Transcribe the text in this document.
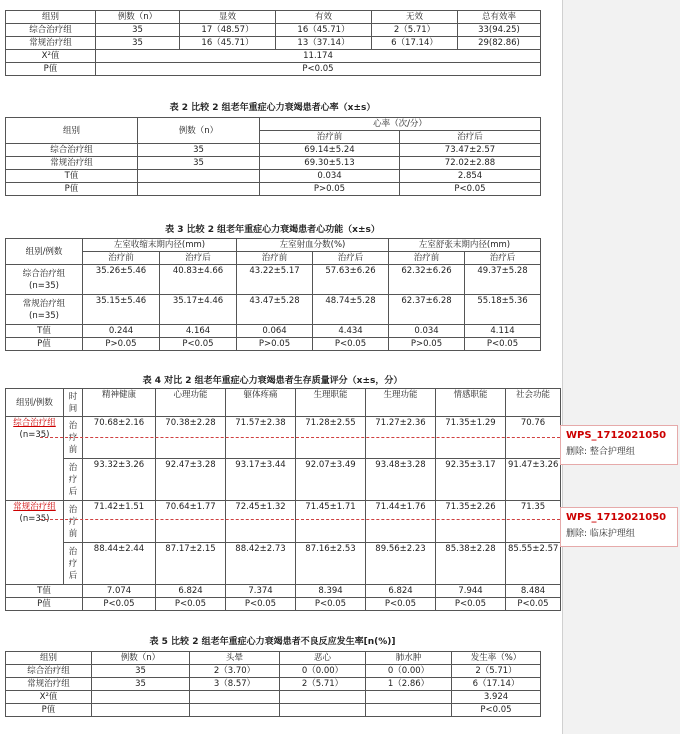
组别	例数（n）	显效	有效	无效	总有效率
综合治疗组	35	17（48.57）	16（45.71）	2（5.71）	33(94.25)
常规治疗组	35	16（45.71）	13（37.14）	6（17.14）	29(82.86)
X²值	11.174				
P值	P<0.05				
表 2 比较 2 组老年重症心力衰竭患者心率（x±s）
组别	例数（n）	心率（次/分）	
		治疗前	治疗后
综合治疗组	35	69.14±5.24	73.47±2.57
常规治疗组	35	69.30±5.13	72.02±2.88
T值		0.034	2.854
P值		P>0.05	P<0.05
表 3 比较 2 组老年重症心力衰竭患者心功能（x±s）
组别/例数	左室收缩末期内径(mm)		左室射血分数(%)		左室舒张末期内径(mm)	
	治疗前	治疗后	治疗前	治疗后	治疗前	治疗后
综合治疗组
(n=35)	35.26±5.46	40.83±4.66	43.22±5.17	57.63±6.26	62.32±6.26	49.37±5.28
常规治疗组
(n=35)	35.15±5.46	35.17±4.46	43.47±5.28	48.74±5.28	62.37±6.28	55.18±5.36
T值	0.244	4.164	0.064	4.434	0.034	4.114
P值	P>0.05	P<0.05	P>0.05	P<0.05	P>0.05	P<0.05
表 4 对比 2 组老年重症心力衰竭患者生存质量评分（x±s，分）
组别/例数	时间	精神健康	心理功能	躯体疼痛	生理职能	生理功能	情感职能	社会功能	
综合治疗组
(n=35)	治疗前	70.68±2.16	70.38±2.28	71.57±2.38	71.28±2.55	71.27±2.36	71.35±1.29	70.76	
	治疗后	93.32±3.26	92.47±3.28	93.17±3.44	92.07±3.49	93.48±3.28	92.35±3.17	91.47±3.26	
常规治疗组
(n=35)	治疗前	71.42±1.51	70.64±1.77	72.45±1.32	71.45±1.71	71.44±1.76	71.35±2.26	71.35	
	治疗后	88.44±2.44	87.17±2.15	88.42±2.73	87.16±2.53	89.56±2.23	85.38±2.28	85.55±2.57	
T值		7.074	6.824	7.374	8.394	6.824	7.944	8.484	
P值		P<0.05	P<0.05	P<0.05	P<0.05	P<0.05	P<0.05	P<0.05	
表 5 比较 2 组老年重症心力衰竭患者不良反应发生率[n(%)]
组别	例数（n）	头晕	恶心	肺水肿	发生率（%）
综合治疗组	35	2（3.70）	0（0.00）	0（0.00）	2（5.71）
常规治疗组	35	3（8.57）	2（5.71）	1（2.86）	6（17.14）
X²值					3.924
P值					P<0.05
WPS_1712021050
删除: 整合护理组
WPS_1712021050
删除: 临床护理组
